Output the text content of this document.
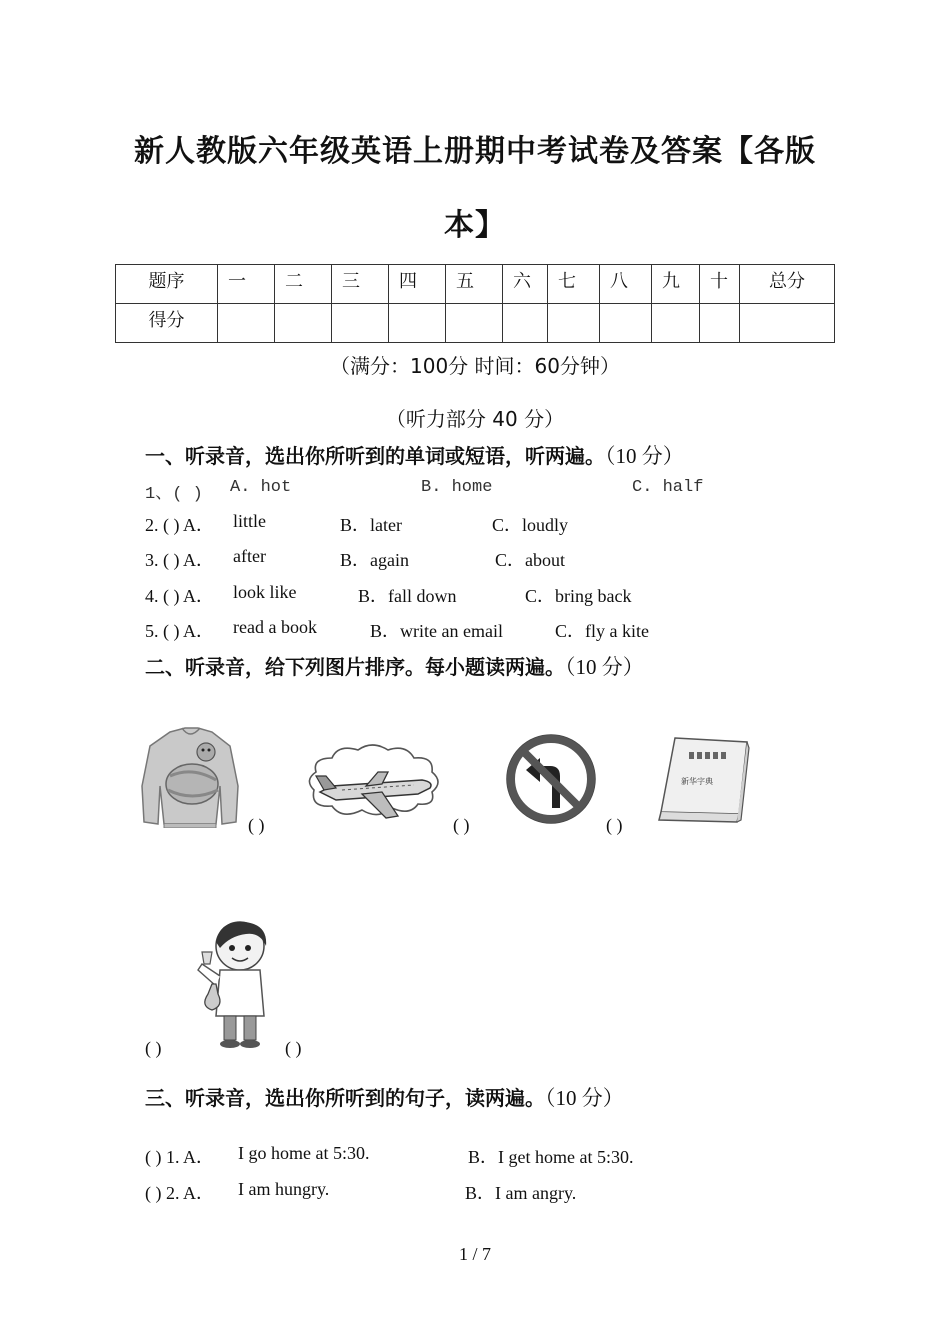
新人教版六年级英语上册期中考试卷及答案【各版
本】
题序	一	二	三	四	五	六	七	八	九	十	总分
得分											
（满分：100分 时间：60分钟）
（听力部分 40 分）
一、听录音，选出你所听到的单词或短语，听两遍。（10 分）
1、( ) A. hot	B. home	C. half
2. ( ) A． little	B．later	C．loudly
3. ( ) A． after	B．again	C．about
4. ( ) A． look like	B．fall down	C．bring back
5. ( ) A． read a book	B．write an email	C．fly a kite
二、听录音，给下列图片排序。每小题读两遍。（10 分）
新华字典
( )	( )	( )
( )	( )
三、听录音，选出你所听到的句子，读两遍。（10 分）
( ) 1. A． I go home at 5:30.	B．I get home at 5:30.
( ) 2. A． I am hungry.	B．I am angry.
1 / 7
